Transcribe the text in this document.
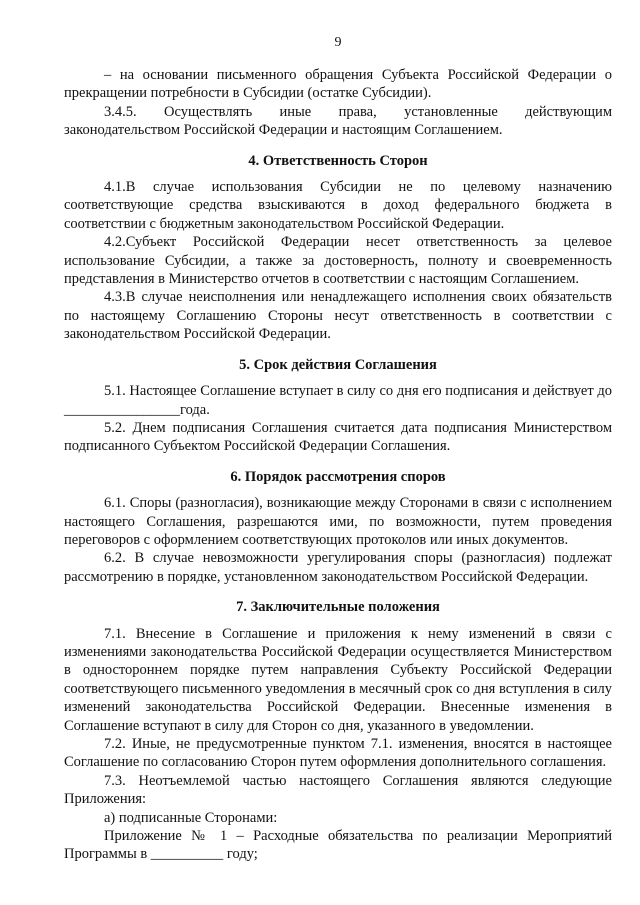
9

– на основании письменного обращения Субъекта Российской Федерации о прекращении потребности в Субсидии (остатке Субсидии).

3.4.5. Осуществлять иные права, установленные действующим законодательством Российской Федерации и настоящим Соглашением.

4. Ответственность Сторон

4.1.В случае использования Субсидии не по целевому назначению соответствующие средства взыскиваются в доход федерального бюджета в соответствии с бюджетным законодательством Российской Федерации.

4.2.Субъект Российской Федерации несет ответственность за целевое использование Субсидии, а также за достоверность, полноту и своевременность представления в Министерство отчетов в соответствии с настоящим Соглашением.

4.3.В случае неисполнения или ненадлежащего исполнения своих обязательств по настоящему Соглашению Стороны несут ответственность в соответствии с законодательством Российской Федерации.

5. Срок действия Соглашения

5.1. Настоящее Соглашение вступает в силу со дня его подписания и действует до ________________года.

5.2. Днем подписания Соглашения считается дата подписания Министерством подписанного Субъектом Российской Федерации Соглашения.

6. Порядок рассмотрения споров

6.1. Споры (разногласия), возникающие между Сторонами в связи с исполнением настоящего Соглашения, разрешаются ими, по возможности, путем проведения переговоров с оформлением соответствующих протоколов или иных документов.

6.2. В случае невозможности урегулирования споры (разногласия) подлежат рассмотрению в порядке, установленном законодательством Российской Федерации.

7. Заключительные положения

7.1. Внесение в Соглашение и приложения к нему изменений в связи с изменениями законодательства Российской Федерации осуществляется Министерством в одностороннем порядке путем направления Субъекту Российской Федерации соответствующего письменного уведомления в месячный срок со дня вступления в силу изменений законодательства Российской Федерации. Внесенные изменения в Соглашение вступают в силу для Сторон со дня, указанного в уведомлении.

7.2. Иные, не предусмотренные пунктом 7.1. изменения, вносятся в настоящее Соглашение по согласованию Сторон путем оформления дополнительного соглашения.

7.3. Неотъемлемой частью настоящего Соглашения являются следующие Приложения:

а) подписанные Сторонами:

Приложение № 1 – Расходные обязательства по реализации Мероприятий Программы в __________ году;
